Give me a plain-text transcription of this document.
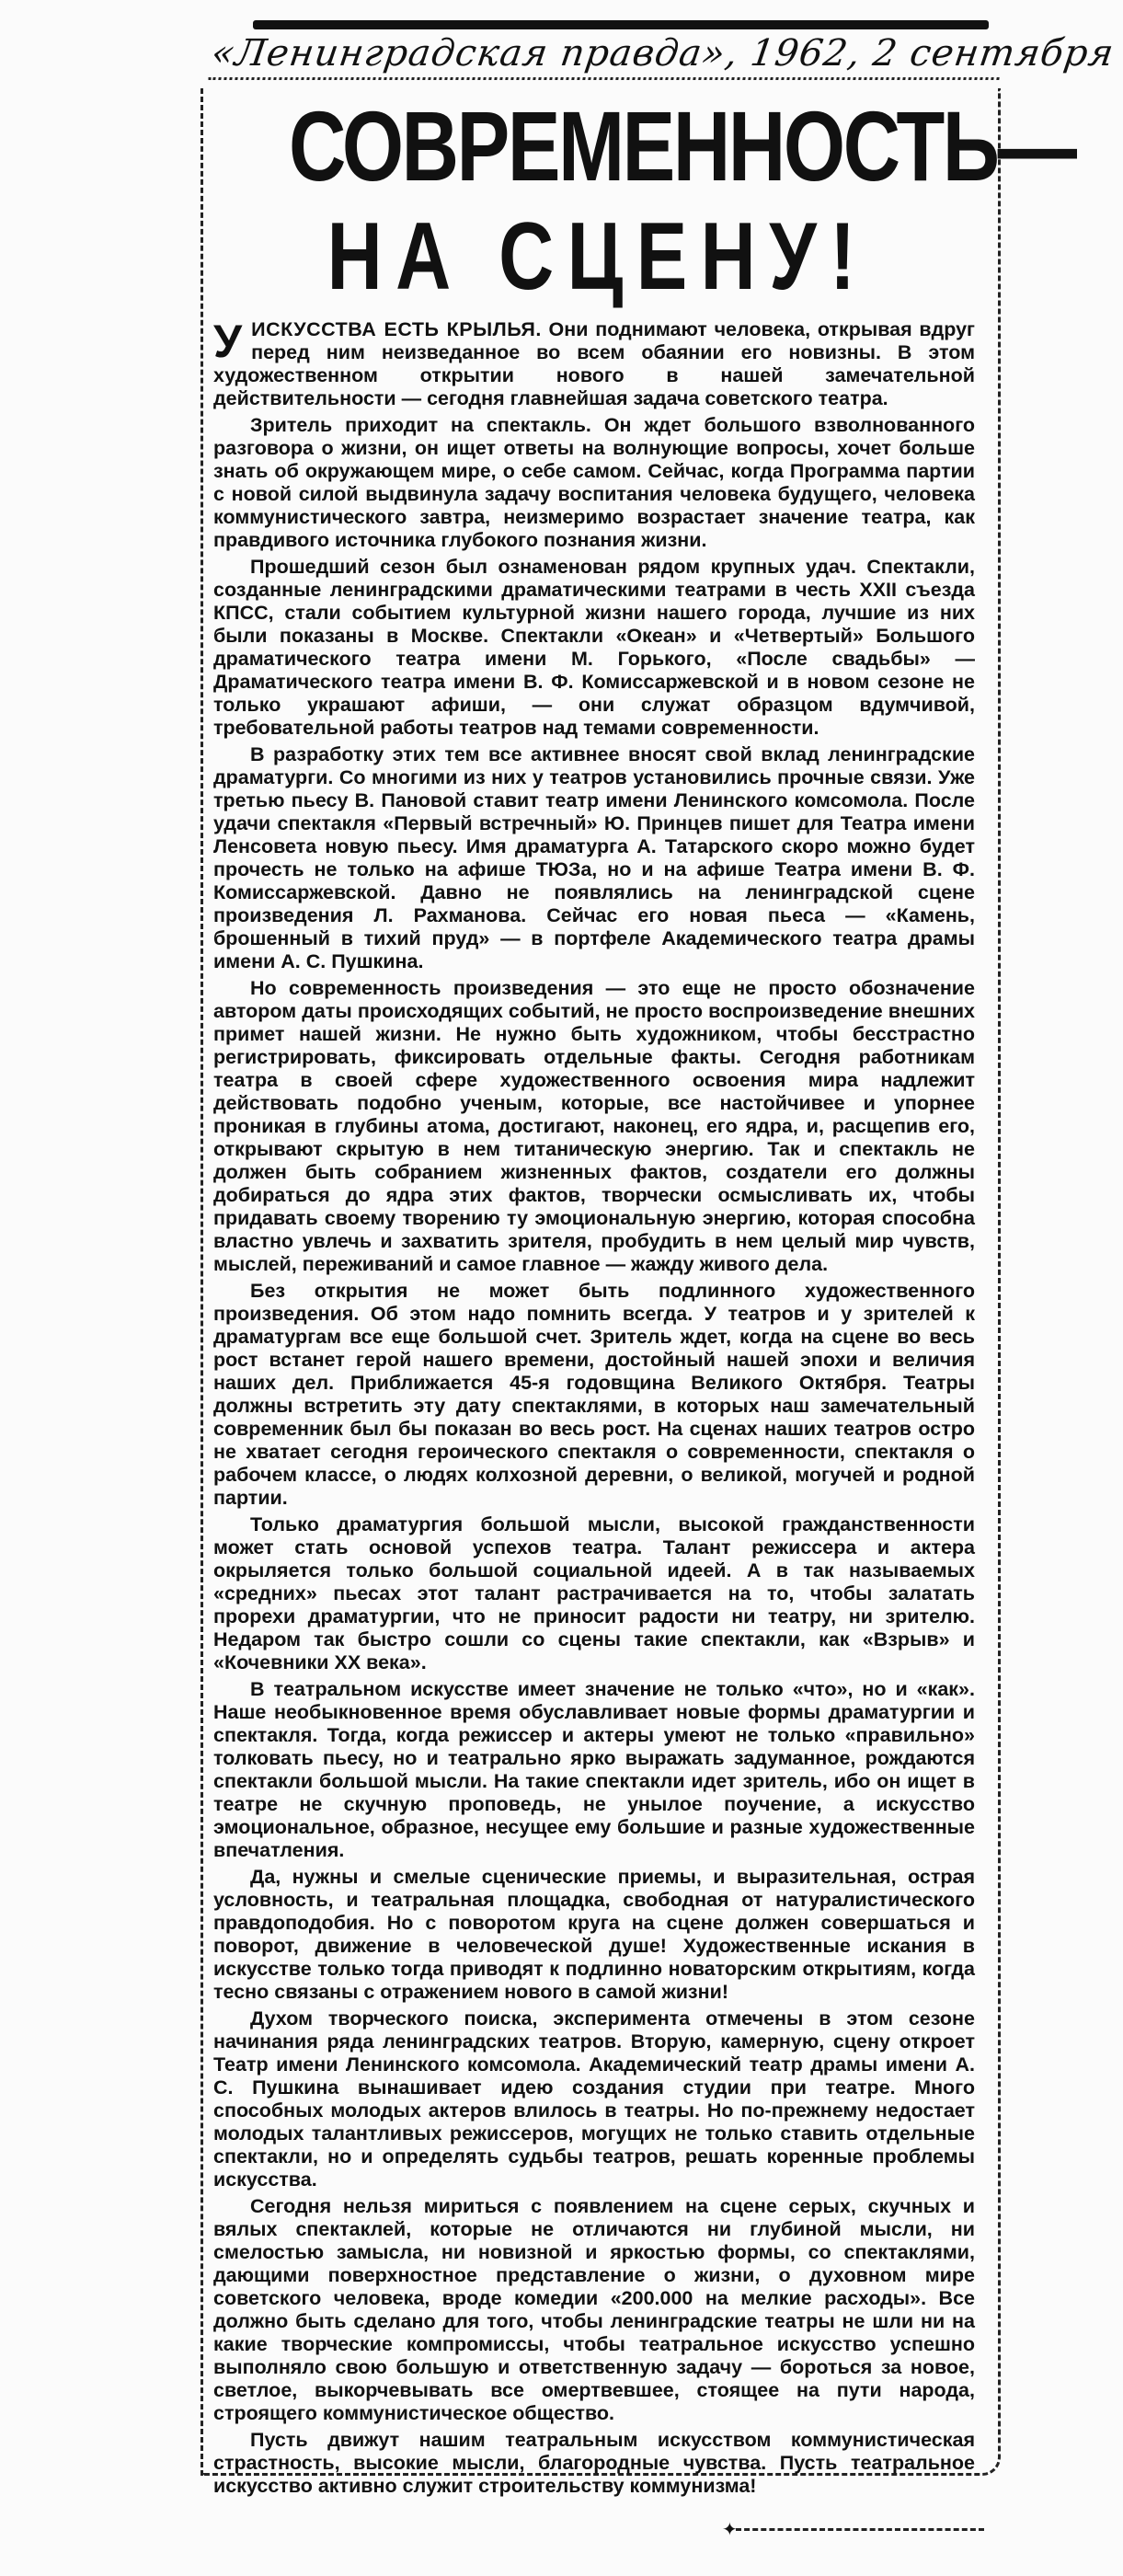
«Ленинградская правда», 1962, 2 сентября
СОВРЕМЕННОСТЬ—
НА СЦЕНУ!

УИСКУССТВА ЕСТЬ КРЫЛЬЯ. Они поднимают человека, открывая вдруг перед ним неизведанное во всем обаянии его новизны. В этом художественном открытии нового в нашей замечательной действительности — сегодня главнейшая задача советского театра.

Зритель приходит на спектакль. Он ждет большого взволнованного разговора о жизни, он ищет ответы на волнующие вопросы, хочет больше знать об окружающем мире, о себе самом. Сейчас, когда Программа партии с новой силой выдвинула задачу воспитания человека будущего, человека коммунистического завтра, неизмеримо возрастает значение театра, как правдивого источника глубокого познания жизни.

Прошедший сезон был ознаменован рядом крупных удач. Спектакли, созданные ленинградскими драматическими театрами в честь XXII съезда КПСС, стали событием культурной жизни нашего города, лучшие из них были показаны в Москве. Спектакли «Океан» и «Четвертый» Большого драматического театра имени М. Горького, «После свадьбы» — Драматического театра имени В. Ф. Комиссаржевской и в новом сезоне не только украшают афиши, — они служат образцом вдумчивой, требовательной работы театров над темами современности.

В разработку этих тем все активнее вносят свой вклад ленинградские драматурги. Со многими из них у театров установились прочные связи. Уже третью пьесу В. Пановой ставит театр имени Ленинского комсомола. После удачи спектакля «Первый встречный» Ю. Принцев пишет для Театра имени Ленсовета новую пьесу. Имя драматурга А. Татарского скоро можно будет прочесть не только на афише ТЮЗа, но и на афише Театра имени В. Ф. Комиссаржевской. Давно не появлялись на ленинградской сцене произведения Л. Рахманова. Сейчас его новая пьеса — «Камень, брошенный в тихий пруд» — в портфеле Академического театра драмы имени А. С. Пушкина.

Но современность произведения — это еще не просто обозначение автором даты происходящих событий, не просто воспроизведение внешних примет нашей жизни. Не нужно быть художником, чтобы бесстрастно регистрировать, фиксировать отдельные факты. Сегодня работникам театра в своей сфере художественного освоения мира надлежит действовать подобно ученым, которые, все настойчивее и упорнее проникая в глубины атома, достигают, наконец, его ядра, и, расщепив его, открывают скрытую в нем титаническую энергию. Так и спектакль не должен быть собранием жизненных фактов, создатели его должны добираться до ядра этих фактов, творчески осмысливать их, чтобы придавать своему творению ту эмоциональную энергию, которая способна властно увлечь и захватить зрителя, пробудить в нем целый мир чувств, мыслей, переживаний и самое главное — жажду живого дела.

Без открытия не может быть подлинного художественного произведения. Об этом надо помнить всегда. У театров и у зрителей к драматургам все еще большой счет. Зритель ждет, когда на сцене во весь рост встанет герой нашего времени, достойный нашей эпохи и величия наших дел. Приближается 45-я годовщина Великого Октября. Театры должны встретить эту дату спектаклями, в которых наш замечательный современник был бы показан во весь рост. На сценах наших театров остро не хватает сегодня героического спектакля о современности, спектакля о рабочем классе, о людях колхозной деревни, о великой, могучей и родной партии.

Только драматургия большой мысли, высокой гражданственности может стать основой успехов театра. Талант режиссера и актера окрыляется только большой социальной идеей. А в так называемых «средних» пьесах этот талант растрачивается на то, чтобы залатать прорехи драматургии, что не приносит радости ни театру, ни зрителю. Недаром так быстро сошли со сцены такие спектакли, как «Взрыв» и «Кочевники XX века».

В театральном искусстве имеет значение не только «что», но и «как». Наше необыкновенное время обуславливает новые формы драматургии и спектакля. Тогда, когда режиссер и актеры умеют не только «правильно» толковать пьесу, но и театрально ярко выражать задуманное, рождаются спектакли большой мысли. На такие спектакли идет зритель, ибо он ищет в театре не скучную проповедь, не унылое поучение, а искусство эмоциональное, образное, несущее ему большие и разные художественные впечатления.

Да, нужны и смелые сценические приемы, и выразительная, острая условность, и театральная площадка, свободная от натуралистического правдоподобия. Но с поворотом круга на сцене должен совершаться и поворот, движение в человеческой душе! Художественные искания в искусстве только тогда приводят к подлинно новаторским открытиям, когда тесно связаны с отражением нового в самой жизни!

Духом творческого поиска, эксперимента отмечены в этом сезоне начинания ряда ленинградских театров. Вторую, камерную, сцену откроет Театр имени Ленинского комсомола. Академический театр драмы имени А. С. Пушкина вынашивает идею создания студии при театре. Много способных молодых актеров влилось в театры. Но по-прежнему недостает молодых талантливых режиссеров, могущих не только ставить отдельные спектакли, но и определять судьбы театров, решать коренные проблемы искусства.

Сегодня нельзя мириться с появлением на сцене серых, скучных и вялых спектаклей, которые не отличаются ни глубиной мысли, ни смелостью замысла, ни новизной и яркостью формы, со спектаклями, дающими поверхностное представление о жизни, о духовном мире советского человека, вроде комедии «200.000 на мелкие расходы». Все должно быть сделано для того, чтобы ленинградские театры не шли ни на какие творческие компромиссы, чтобы театральное искусство успешно выполняло свою большую и ответственную задачу — бороться за новое, светлое, выкорчевывать все омертвевшее, стоящее на пути народа, строящего коммунистическое общество.

Пусть движут нашим театральным искусством коммунистическая страстность, высокие мысли, благородные чувства. Пусть театральное искусство активно служит строительству коммунизма!

✦
